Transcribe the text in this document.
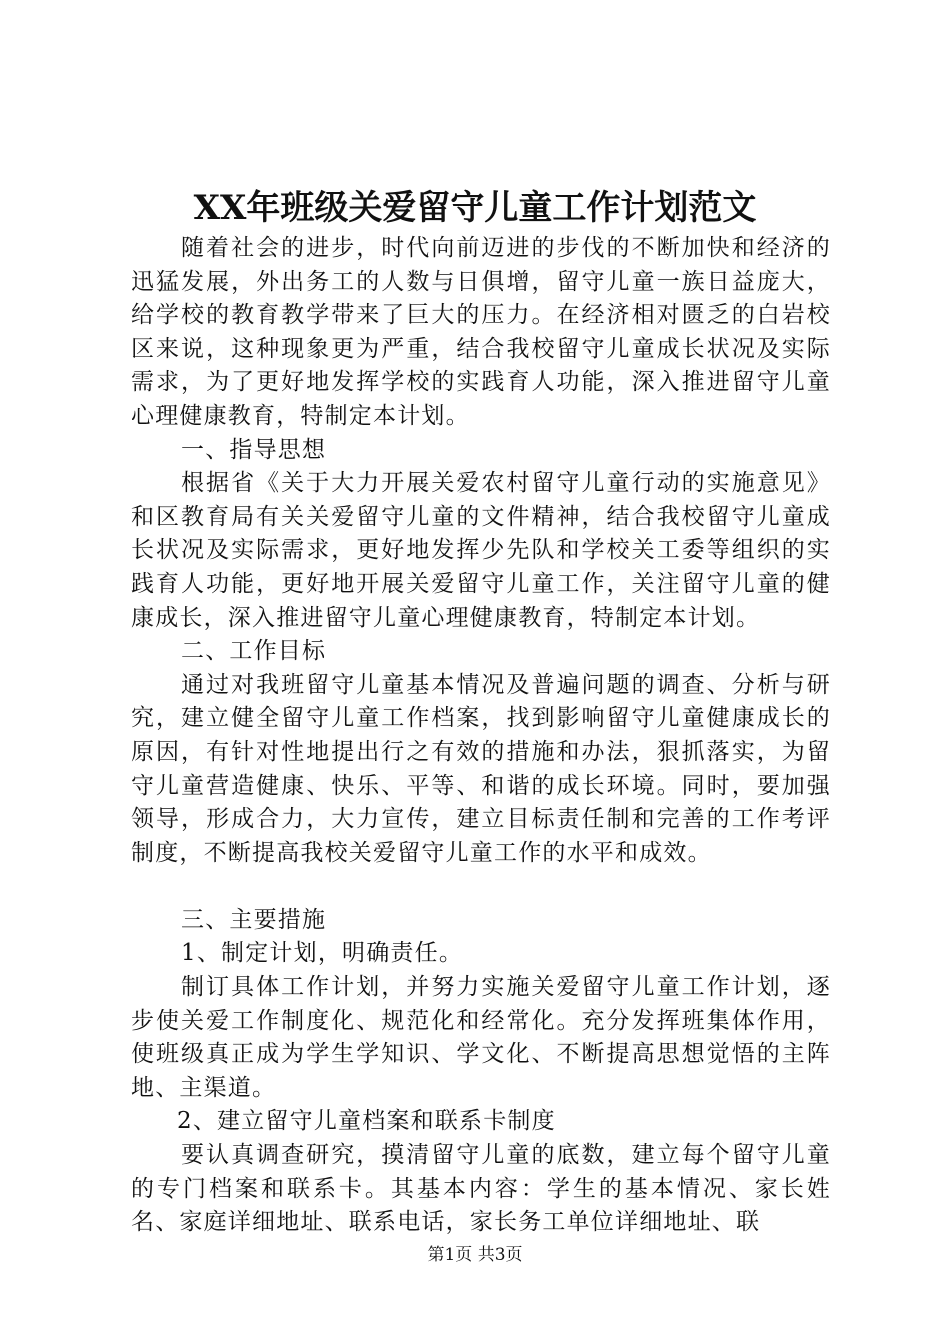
XX年班级关爱留守儿童工作计划范文

随着社会的进步，时代向前迈进的步伐的不断加快和经济的迅猛发展，外出务工的人数与日俱增，留守儿童一族日益庞大，给学校的教育教学带来了巨大的压力。在经济相对匮乏的白岩校区来说，这种现象更为严重，结合我校留守儿童成长状况及实际需求，为了更好地发挥学校的实践育人功能，深入推进留守儿童心理健康教育，特制定本计划。

一、指导思想

根据省《关于大力开展关爱农村留守儿童行动的实施意见》和区教育局有关关爱留守儿童的文件精神，结合我校留守儿童成长状况及实际需求，更好地发挥少先队和学校关工委等组织的实践育人功能，更好地开展关爱留守儿童工作，关注留守儿童的健康成长，深入推进留守儿童心理健康教育，特制定本计划。

二、工作目标

通过对我班留守儿童基本情况及普遍问题的调查、分析与研究，建立健全留守儿童工作档案，找到影响留守儿童健康成长的原因，有针对性地提出行之有效的措施和办法，狠抓落实，为留守儿童营造健康、快乐、平等、和谐的成长环境。同时，要加强领导，形成合力，大力宣传，建立目标责任制和完善的工作考评制度，不断提高我校关爱留守儿童工作的水平和成效。

三、主要措施

1、制定计划，明确责任。

制订具体工作计划，并努力实施关爱留守儿童工作计划，逐步使关爱工作制度化、规范化和经常化。充分发挥班集体作用，使班级真正成为学生学知识、学文化、不断提高思想觉悟的主阵地、主渠道。

2、建立留守儿童档案和联系卡制度

要认真调查研究，摸清留守儿童的底数，建立每个留守儿童的专门档案和联系卡。其基本内容：学生的基本情况、家长姓名、家庭详细地址、联系电话，家长务工单位详细地址、联

第1页 共3页
